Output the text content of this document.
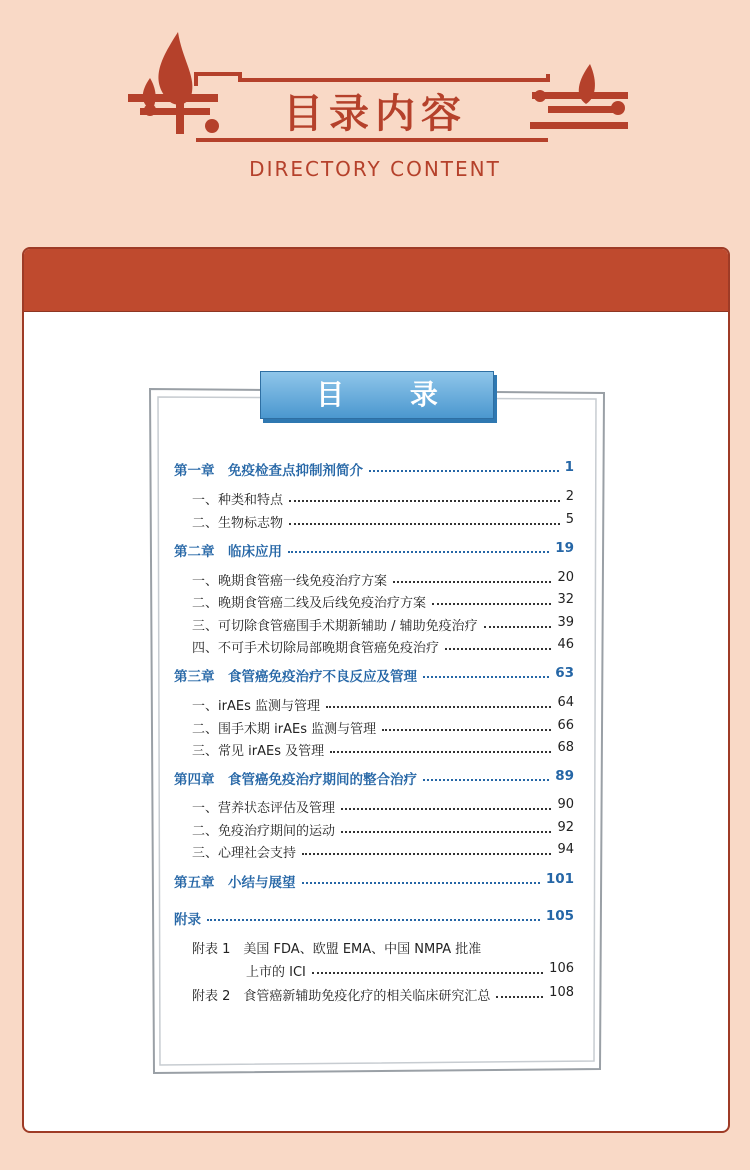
目录内容
DIRECTORY CONTENT
目 录
第一章　免疫检查点抑制剂简介	1
一、种类和特点	2
二、生物标志物	5
第二章　临床应用	19
一、晚期食管癌一线免疫治疗方案	20
二、晚期食管癌二线及后线免疫治疗方案	32
三、可切除食管癌围手术期新辅助 / 辅助免疫治疗	39
四、不可手术切除局部晚期食管癌免疫治疗	46
第三章　食管癌免疫治疗不良反应及管理	63
一、irAEs 监测与管理	64
二、围手术期 irAEs 监测与管理	66
三、常见 irAEs 及管理	68
第四章　食管癌免疫治疗期间的整合治疗	89
一、营养状态评估及管理	90
二、免疫治疗期间的运动	92
三、心理社会支持	94
第五章　小结与展望	101
附录	105
附表 1　美国 FDA、欧盟 EMA、中国 NMPA 批准
上市的 ICI	106
附表 2　食管癌新辅助免疫化疗的相关临床研究汇总	108
